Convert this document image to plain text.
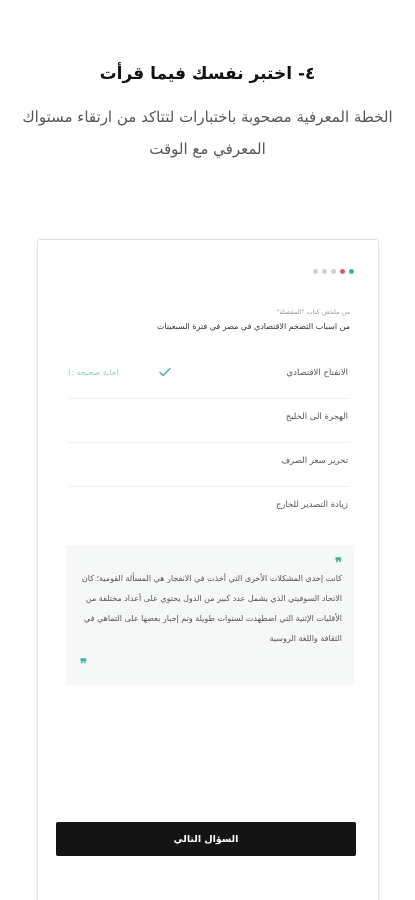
٤- اختبر نفسك فيما قرأت
الخطة المعرفية مصحوبة باختبارات لتتاكد من ارتقاء مستواك المعرفي مع الوقت
من ملخص كتاب "المفصلة"
من اسباب التضخم الاقتصادي في مصر في فترة السبعينات
الانفتاح الاقتصادي
اجابة صحيحة :)
الهجرة الى الخليج
تحرير سعر الصرف
زيادة التصدير للخارج
❞
كانت إحدى المشكلات الأخرى التي أخذت في الانفجار هي المسألة القومية؛ كان الاتحاد السوفيتي الذي يشمل عدد كبير من الدول يحتوي على أعداد مختلفة من الأقليات الإثنية التي اضطهدت لسنوات طويلة وتم إجبار بعضها على التماهي في الثقافة واللغة الروسية
❞
السؤال التالي
